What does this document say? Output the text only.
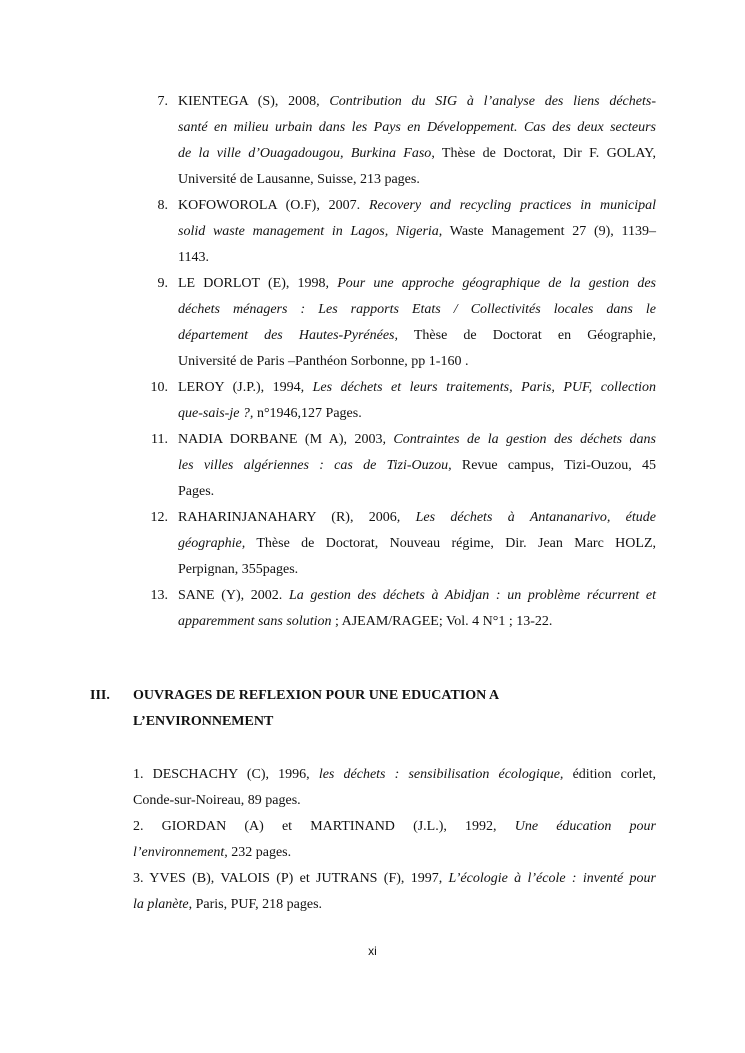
7. KIENTEGA (S), 2008, Contribution du SIG à l’analyse des liens déchets-
santé en milieu urbain dans les Pays en Développement. Cas des deux secteurs
de la ville d’Ouagadougou, Burkina Faso, Thèse de Doctorat, Dir F. GOLAY,
Université de Lausanne, Suisse, 213 pages.
8. KOFOWOROLA (O.F), 2007. Recovery and recycling practices in municipal
solid waste management in Lagos, Nigeria, Waste Management 27 (9), 1139–
1143.
9. LE DORLOT (E), 1998, Pour une approche géographique de la gestion des
déchets ménagers : Les rapports Etats / Collectivités locales dans le
département des Hautes-Pyrénées, Thèse de Doctorat en Géographie,
Université de Paris –Panthéon Sorbonne, pp 1-160 .
10. LEROY (J.P.), 1994, Les déchets et leurs traitements, Paris, PUF, collection
que-sais-je ?, n°1946,127 Pages.
11. NADIA DORBANE (M A), 2003, Contraintes de la gestion des déchets dans
les villes algériennes : cas de Tizi-Ouzou, Revue campus, Tizi-Ouzou, 45
Pages.
12. RAHARINJANAHARY (R), 2006, Les déchets à Antananarivo, étude
géographie, Thèse de Doctorat, Nouveau régime, Dir. Jean Marc HOLZ,
Perpignan, 355pages.
13. SANE (Y), 2002. La gestion des déchets à Abidjan : un problème récurrent et
apparemment sans solution ; AJEAM/RAGEE; Vol. 4 N°1 ; 13-22.
III. OUVRAGES DE REFLEXION POUR UNE EDUCATION A
L’ENVIRONNEMENT
1. DESCHACHY (C), 1996, les déchets : sensibilisation écologique, édition corlet,
Conde-sur-Noireau, 89 pages.
2. GIORDAN (A) et MARTINAND (J.L.), 1992, Une éducation pour
l’environnement, 232 pages.
3. YVES (B), VALOIS (P) et JUTRANS (F), 1997, L’écologie à l’école : inventé pour
la planète, Paris, PUF, 218 pages.
xi
